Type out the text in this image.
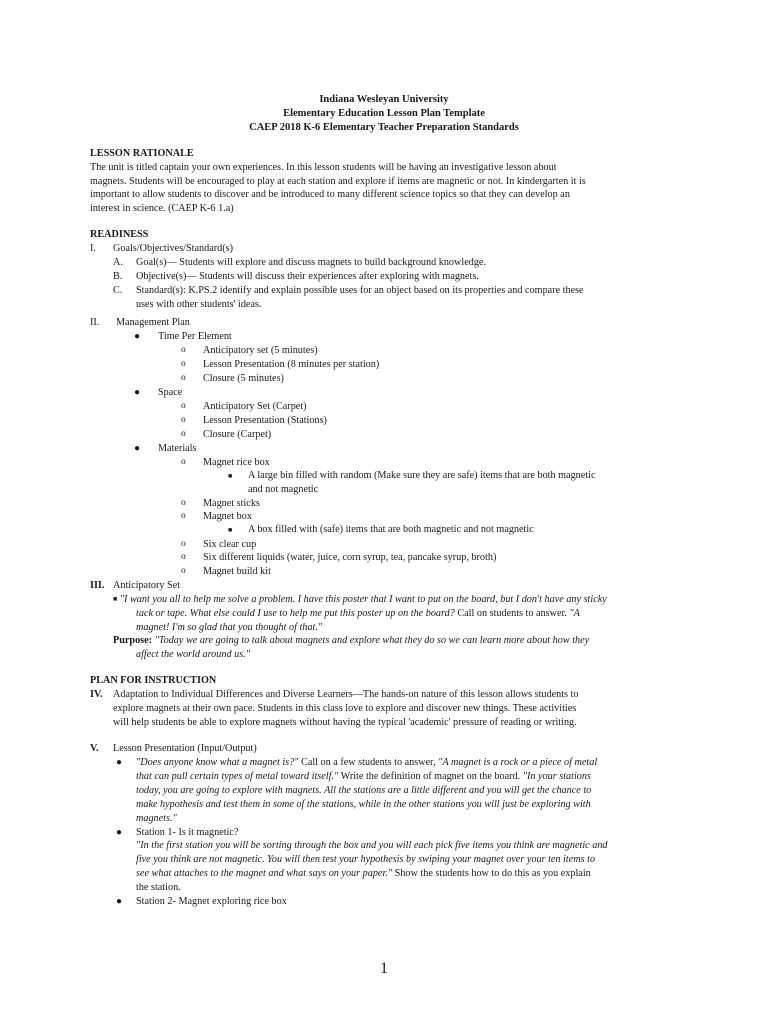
Indiana Wesleyan University
Elementary Education Lesson Plan Template
CAEP 2018 K-6 Elementary Teacher Preparation Standards
LESSON RATIONALE
The unit is titled captain your own experiences. In this lesson students will be having an investigative lesson about
magnets. Students will be encouraged to play at each station and explore if items are magnetic or not. In kindergarten it is
important to allow students to discover and be introduced to many different science topics so that they can develop an
interest in science. (CAEP K-6 1.a)
READINESS
I. Goals/Objectives/Standard(s)
A. Goal(s)— Students will explore and discuss magnets to build background knowledge.
B. Objective(s)— Students will discuss their experiences after exploring with magnets.
C. Standard(s): K.PS.2 identify and explain possible uses for an object based on its properties and compare these
uses with other students' ideas.
II. Management Plan
● Time Per Element
o Anticipatory set (5 minutes)
o Lesson Presentation (8 minutes per station)
o Closure (5 minutes)
● Space
o Anticipatory Set (Carpet)
o Lesson Presentation (Stations)
o Closure (Carpet)
● Materials
o Magnet rice box
■ A large bin filled with random (Make sure they are safe) items that are both magnetic
and not magnetic
o Magnet sticks
o Magnet box
■ A box filled with (safe) items that are both magnetic and not magnetic
o Six clear cup
o Six different liquids (water, juice, corn syrup, tea, pancake syrup, broth)
o Magnet build kit
III. Anticipatory Set
■ "I want you all to help me solve a problem. I have this poster that I want to put on the board, but I don't have any sticky
tack or tape. What else could I use to help me put this poster up on the board? Call on students to answer. "A
magnet! I'm so glad that you thought of that."
Purpose: "Today we are going to talk about magnets and explore what they do so we can learn more about how they
affect the world around us."
PLAN FOR INSTRUCTION
IV. Adaptation to Individual Differences and Diverse Learners—The hands-on nature of this lesson allows students to
explore magnets at their own pace. Students in this class love to explore and discover new things. These activities
will help students be able to explore magnets without having the typical 'academic' pressure of reading or writing.
V. Lesson Presentation (Input/Output)
● "Does anyone know what a magnet is?" Call on a few students to answer, "A magnet is a rock or a piece of metal
that can pull certain types of metal toward itself." Write the definition of magnet on the board. "In your stations
today, you are going to explore with magnets. All the stations are a little different and you will get the chance to
make hypothesis and test them in some of the stations, while in the other stations you will just be exploring with
magnets."
● Station 1- Is it magnetic?
"In the first station you will be sorting through the box and you will each pick five items you think are magnetic and
five you think are not magnetic. You will then test your hypothesis by swiping your magnet over your ten items to
see what attaches to the magnet and what says on your paper." Show the students how to do this as you explain
the station.
● Station 2- Magnet exploring rice box
1
